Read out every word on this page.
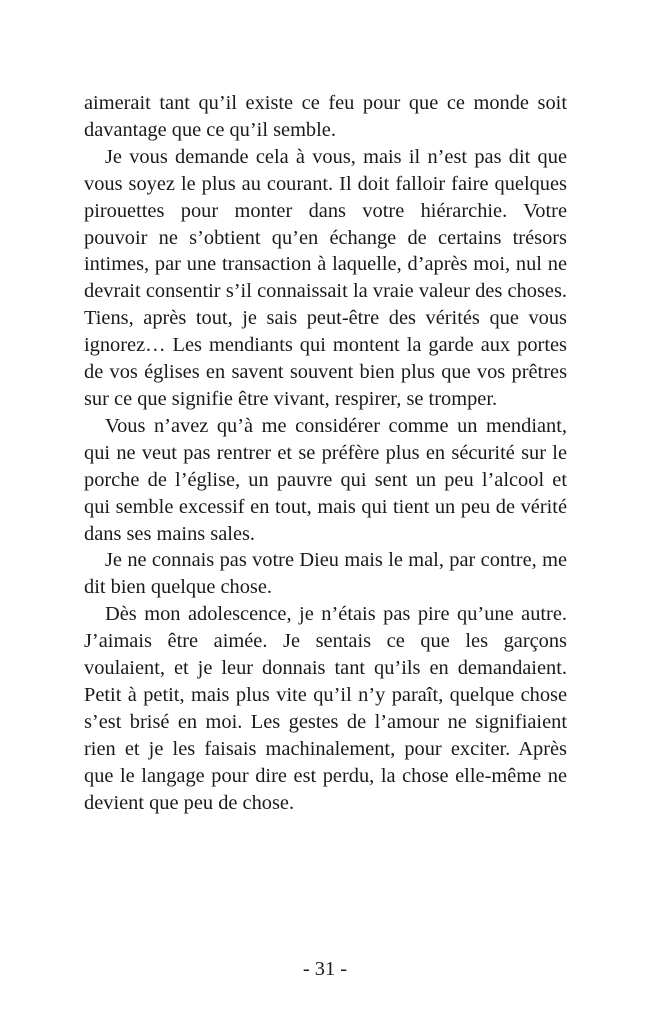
aimerait tant qu’il existe ce feu pour que ce monde soit davantage que ce qu’il semble.

Je vous demande cela à vous, mais il n’est pas dit que vous soyez le plus au courant. Il doit falloir faire quelques pirouettes pour monter dans votre hiérarchie. Votre pouvoir ne s’obtient qu’en échange de certains trésors intimes, par une transaction à laquelle, d’après moi, nul ne devrait consentir s’il connaissait la vraie valeur des choses. Tiens, après tout, je sais peut-être des vérités que vous ignorez… Les mendiants qui montent la garde aux portes de vos églises en savent souvent bien plus que vos prêtres sur ce que signifie être vivant, respirer, se tromper.

Vous n’avez qu’à me considérer comme un mendiant, qui ne veut pas rentrer et se préfère plus en sécurité sur le porche de l’église, un pauvre qui sent un peu l’alcool et qui semble excessif en tout, mais qui tient un peu de vérité dans ses mains sales.

Je ne connais pas votre Dieu mais le mal, par contre, me dit bien quelque chose.

Dès mon adolescence, je n’étais pas pire qu’une autre. J’aimais être aimée. Je sentais ce que les garçons voulaient, et je leur donnais tant qu’ils en demandaient. Petit à petit, mais plus vite qu’il n’y paraît, quelque chose s’est brisé en moi. Les gestes de l’amour ne signifiaient rien et je les faisais machinalement, pour exciter. Après que le langage pour dire est perdu, la chose elle-même ne devient que peu de chose.

- 31 -
